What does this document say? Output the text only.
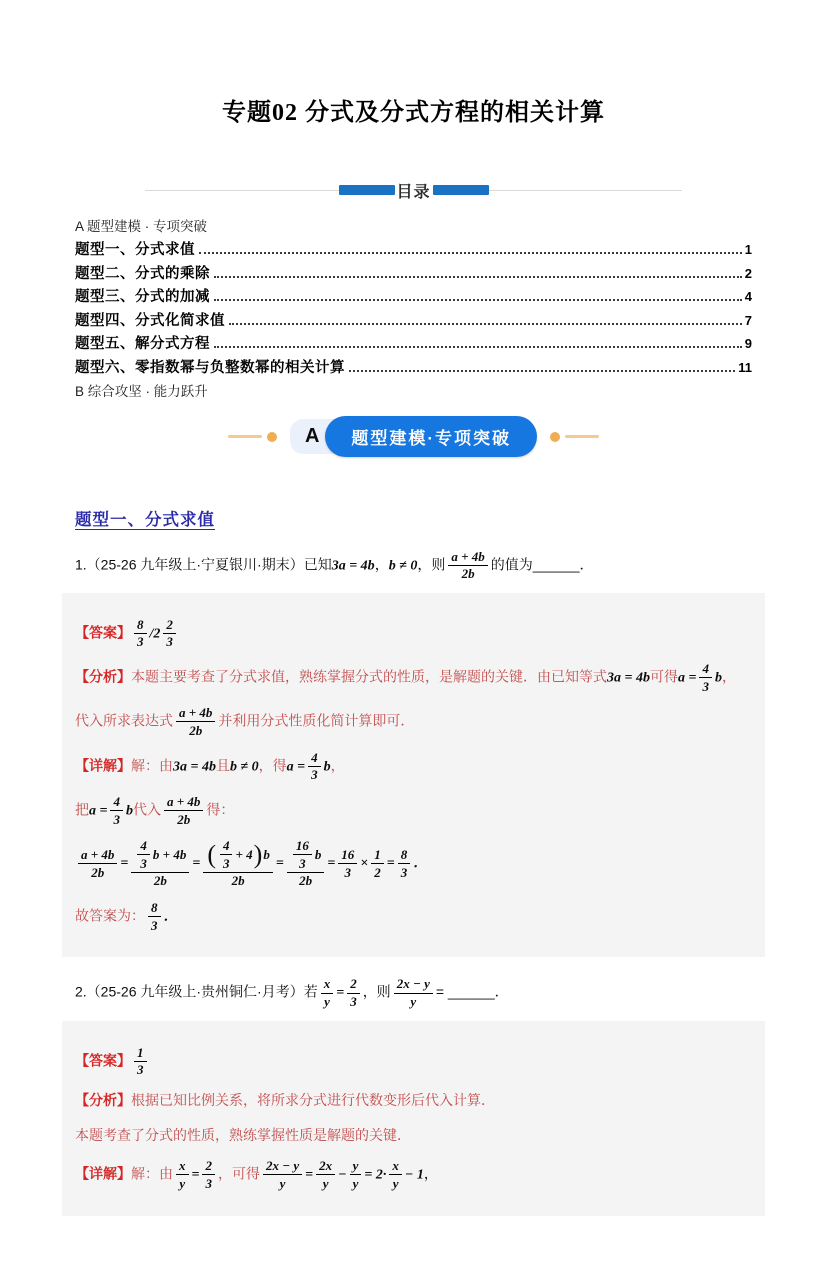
专题02 分式及分式方程的相关计算
目录
A 题型建模 · 专项突破
题型一、分式求值	1
题型二、分式的乘除	2
题型三、分式的加减	4
题型四、分式化简求值	7
题型五、解分式方程	9
题型六、零指数幂与负整数幂的相关计算	11
B 综合攻坚 · 能力跃升
A	题型建模·专项突破
题型一、分式求值

1.（25-26 九年级上·宁夏银川·期末）已知3a = 4b，b ≠ 0，则 $\frac{a + 4b}{2b}$ 的值为______．

【答案】 $\frac{8}{3} /2 \frac{2}{3}$

【分析】本题主要考查了分式求值，熟练掌握分式的性质，是解题的关键．由已知等式3a = 4b可得$a = \frac{4}{3}$ b，

代入所求表达式 $\frac{a + 4b}{2b}$ 并利用分式性质化简计算即可．

【详解】解：由3a = 4b且b ≠ 0，得$a = \frac{4}{3}$ b，

把$a = \frac{4}{3}$ b代入 $\frac{a + 4b}{2b}$ 得：

$\frac{a + 4b}{2b} = \frac{\frac{4}{3} b + 4b}{2b} = \frac{( \frac{4}{3} + 4 ) b}{2b} = \frac{\frac{16}{3} b}{2b} = \frac{16}{3} \times \frac{1}{2} = \frac{8}{3}$ ．

故答案为： $\frac{8}{3}$ ．

2.（25-26 九年级上·贵州铜仁·月考）若 $\frac{x}{y} = \frac{2}{3}$ ，则 $\frac{2x - y}{y}$ = ______．

【答案】 $\frac{1}{3}$

【分析】根据已知比例关系，将所求分式进行代数变形后代入计算．

本题考查了分式的性质，熟练掌握性质是解题的关键．

【详解】解：由 $\frac{x}{y} = \frac{2}{3}$ ，可得 $\frac{2x - y}{y} = \frac{2x}{y} - \frac{y}{y} = 2\cdot \frac{x}{y} - 1$，
